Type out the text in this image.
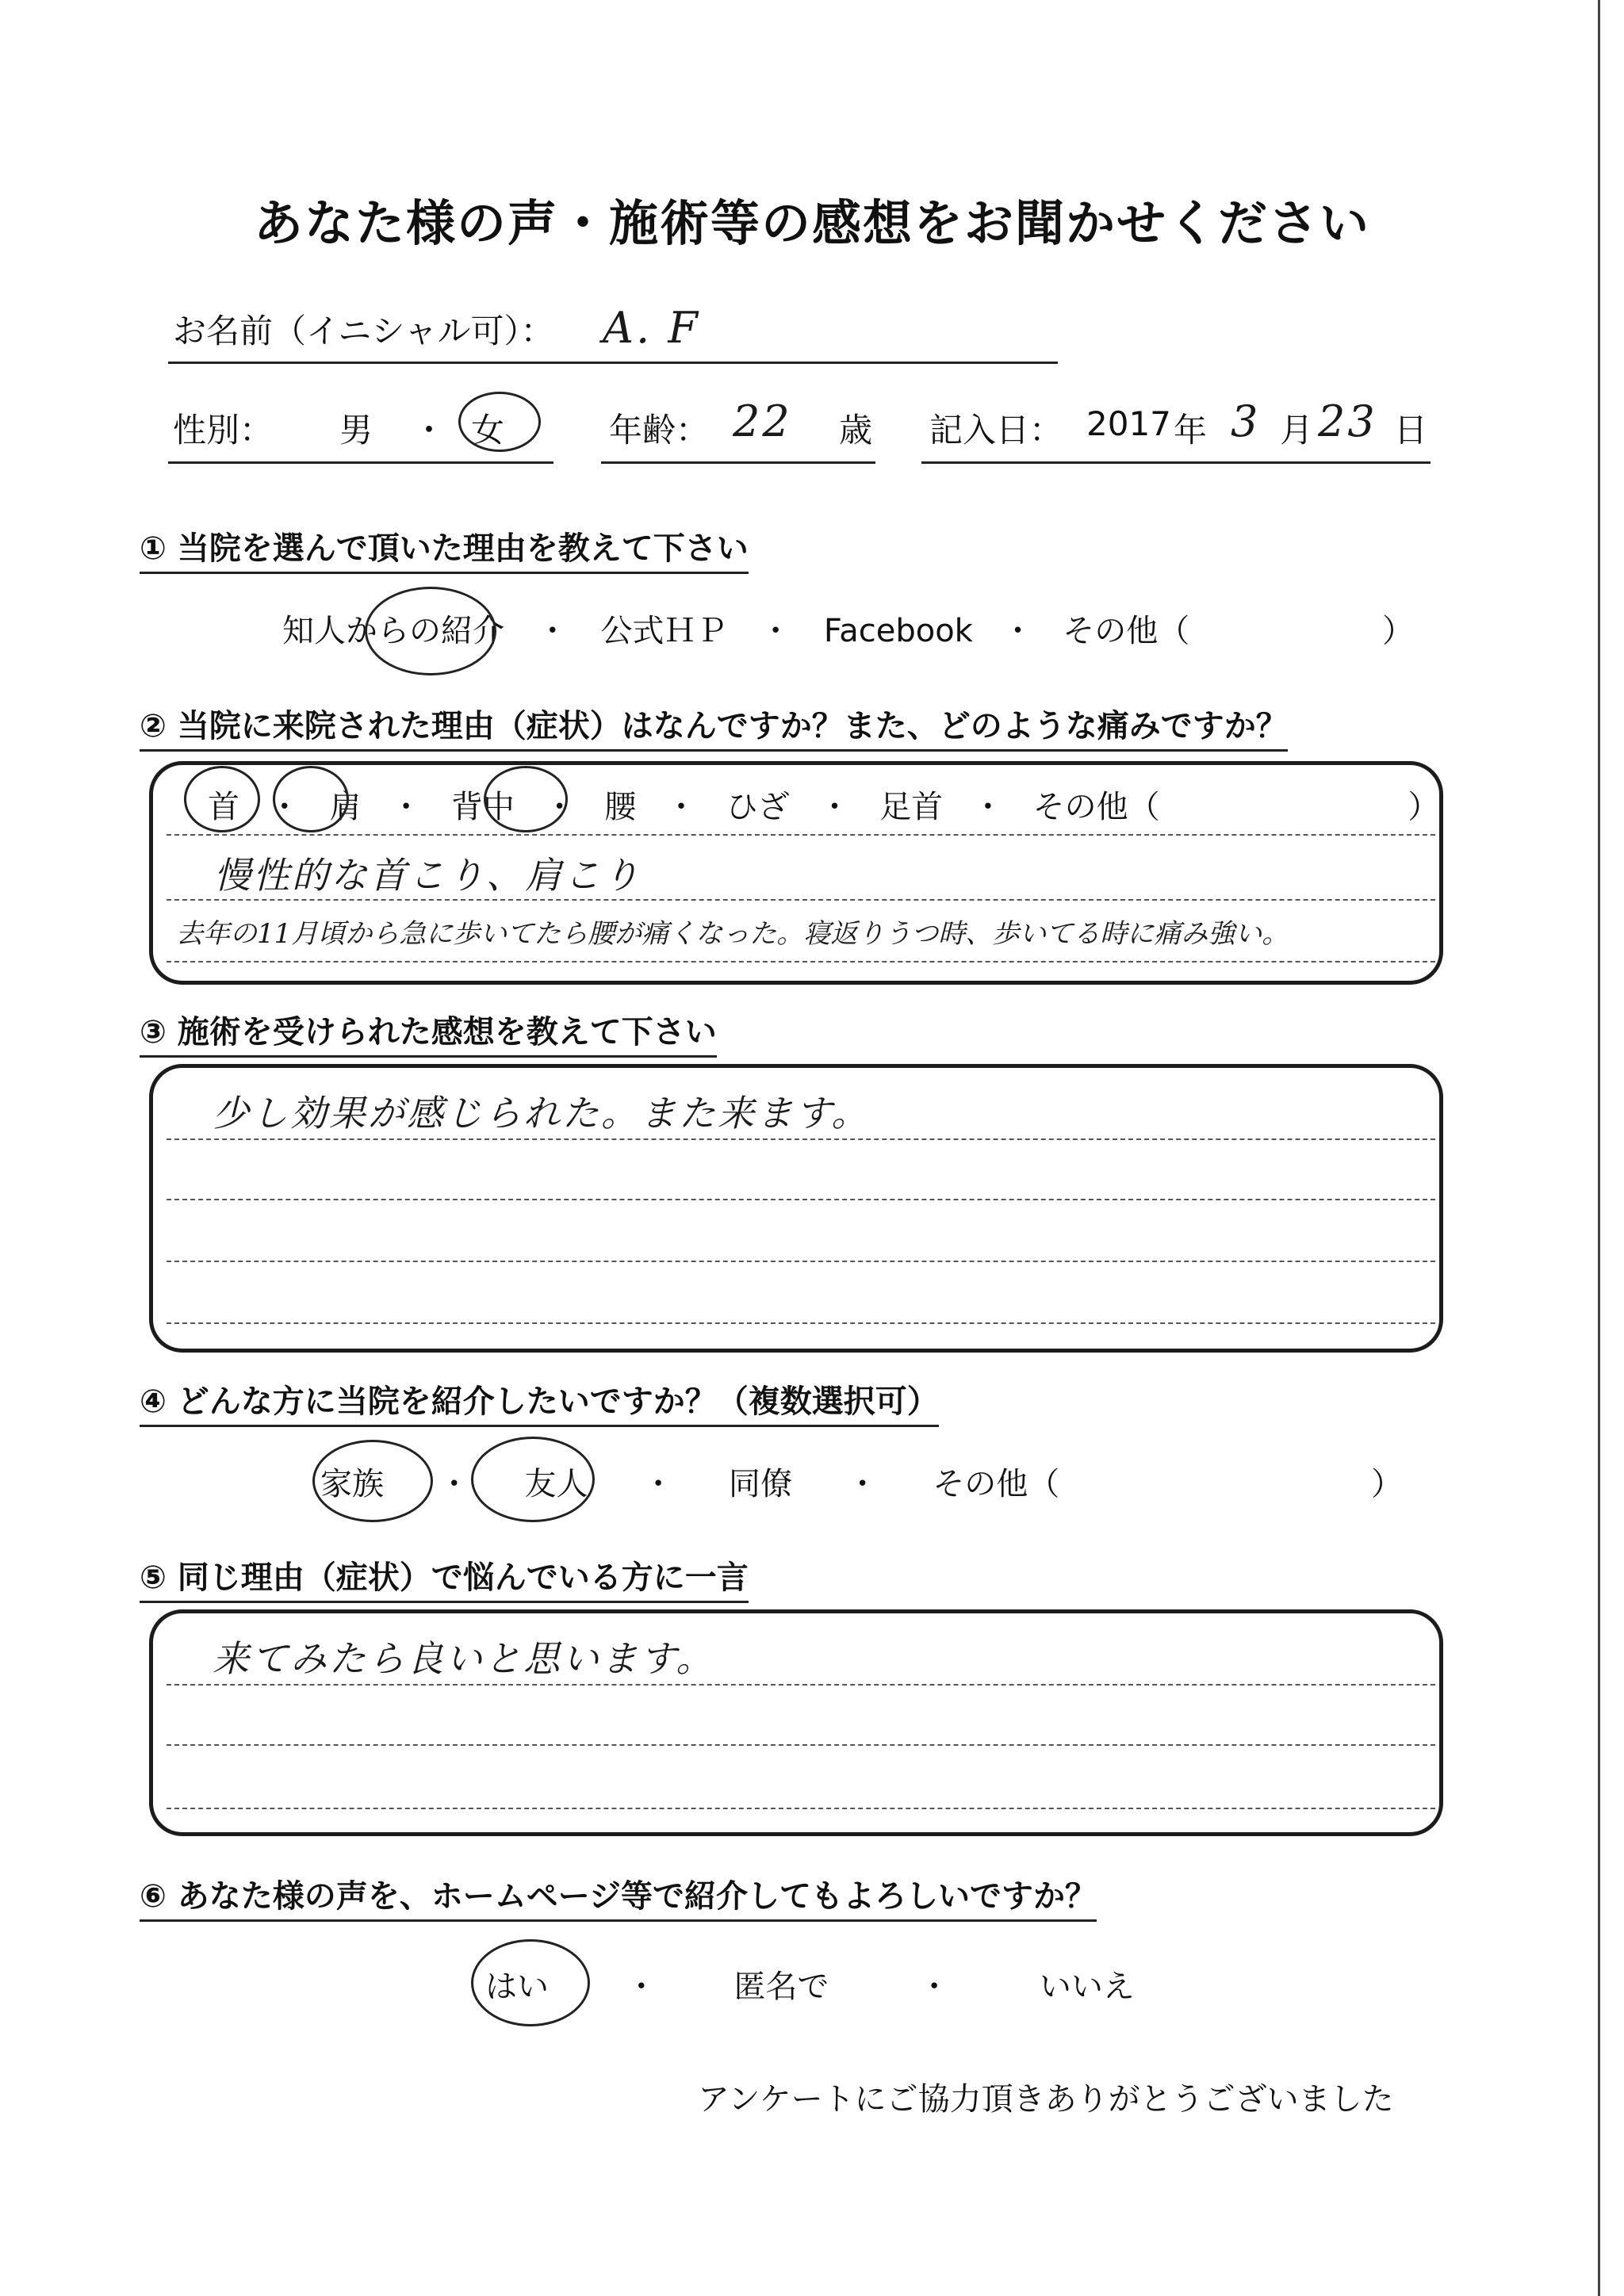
あなた様の声・施術等の感想をお聞かせください
お名前（イニシャル可）： A. F
性別： 男 ・ 女	年齢： 22 歳 記入日： 2017 年 3 月 23 日
① 当院を選んで頂いた理由を教えて下さい
知人からの紹介 ・ 公式ＨＰ ・ Facebook ・ その他（	）
② 当院に来院された理由（症状）はなんですか？また、どのような痛みですか？
首 ・ 肩 ・ 背中 ・ 腰 ・ ひざ ・ 足首 ・ その他（	）
慢性的な首こり、肩こり
去年の11月頃から急に歩いてたら腰が痛くなった。寝返りうつ時、歩いてる時に痛み強い。
③ 施術を受けられた感想を教えて下さい
少し効果が感じられた。また来ます。
④ どんな方に当院を紹介したいですか？（複数選択可）
家族 ・ 友人 ・ 同僚 ・ その他（	）
⑤ 同じ理由（症状）で悩んでいる方に一言
来てみたら良いと思います。
⑥ あなた様の声を、ホームページ等で紹介してもよろしいですか？
はい ・ 匿名で	・	いいえ
アンケートにご協力頂きありがとうございました
